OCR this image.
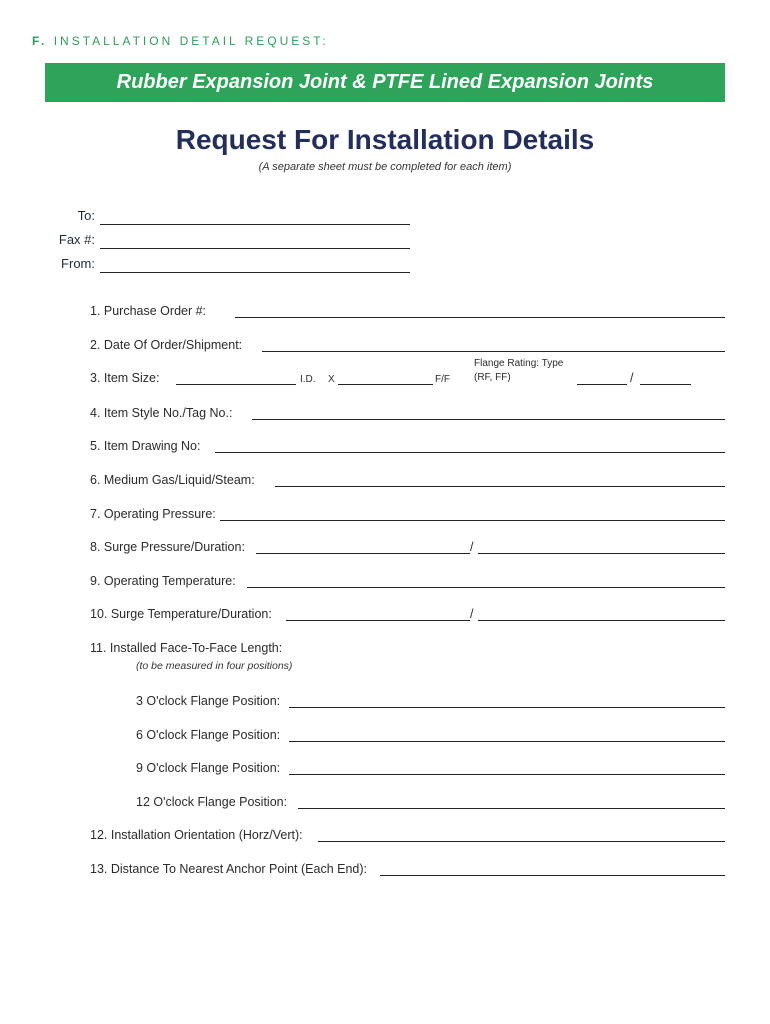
F. INSTALLATION DETAIL REQUEST:
Rubber Expansion Joint & PTFE Lined Expansion Joints
Request For Installation Details
(A separate sheet must be completed for each item)
To:
Fax #:
From:
1. Purchase Order #:
2. Date Of Order/Shipment:
3. Item Size:	I.D. X	F/F
Flange Rating: Type
(RF, FF)	/
4. Item Style No./Tag No.:
5. Item Drawing No:
6. Medium Gas/Liquid/Steam:
7. Operating Pressure:
8. Surge Pressure/Duration:	/
9. Operating Temperature:
10. Surge Temperature/Duration:	/
11. Installed Face-To-Face Length:
(to be measured in four positions)
3 O'clock Flange Position:
6 O'clock Flange Position:
9 O'clock Flange Position:
12 O'clock Flange Position:
12. Installation Orientation (Horz/Vert):
13. Distance To Nearest Anchor Point (Each End):
